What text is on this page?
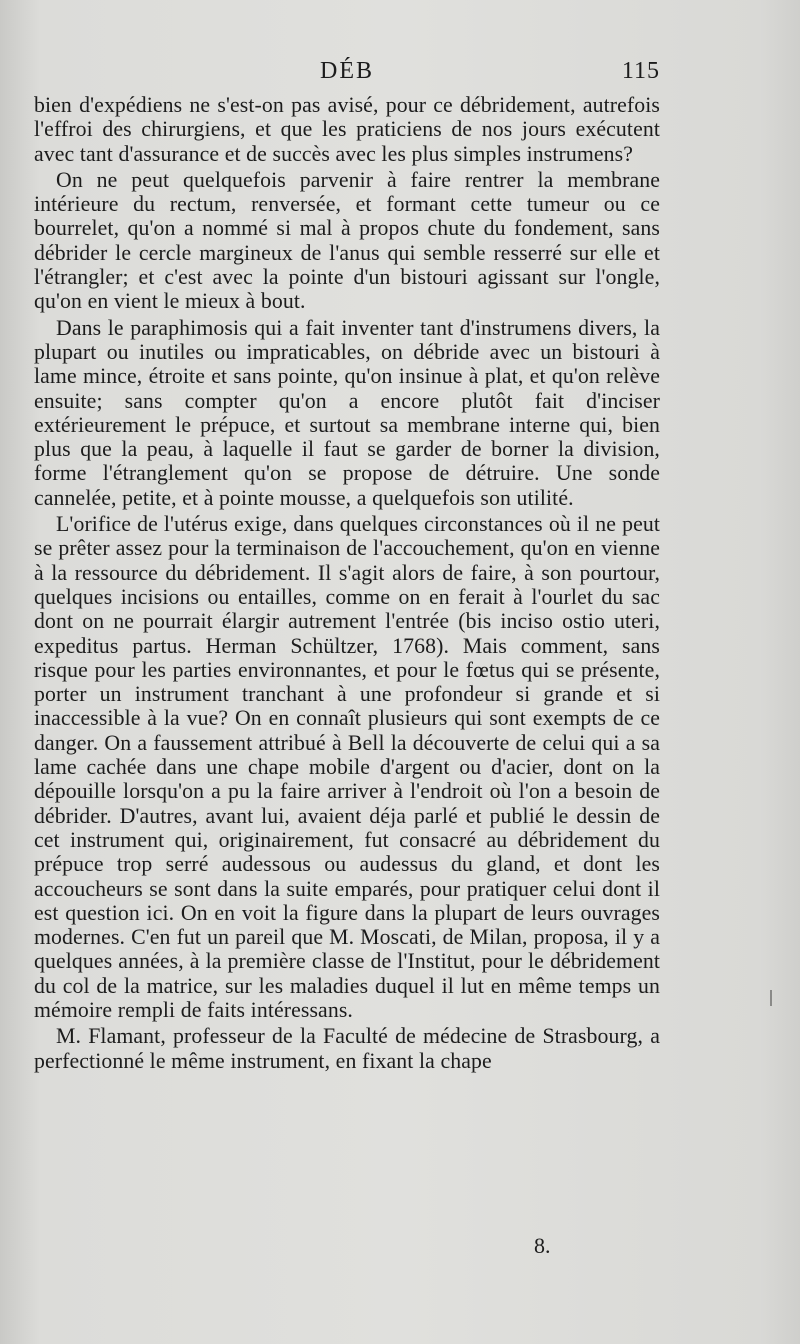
DÉB	115

bien d'expédiens ne s'est-on pas avisé, pour ce débridement, autrefois l'effroi des chirurgiens, et que les praticiens de nos jours exécutent avec tant d'assurance et de succès avec les plus simples instrumens?

On ne peut quelquefois parvenir à faire rentrer la membrane intérieure du rectum, renversée, et formant cette tumeur ou ce bourrelet, qu'on a nommé si mal à propos chute du fondement, sans débrider le cercle margineux de l'anus qui semble resserré sur elle et l'étrangler; et c'est avec la pointe d'un bistouri agissant sur l'ongle, qu'on en vient le mieux à bout.

Dans le paraphimosis qui a fait inventer tant d'instrumens divers, la plupart ou inutiles ou impraticables, on débride avec un bistouri à lame mince, étroite et sans pointe, qu'on insinue à plat, et qu'on relève ensuite; sans compter qu'on a encore plutôt fait d'inciser extérieurement le prépuce, et surtout sa membrane interne qui, bien plus que la peau, à laquelle il faut se garder de borner la division, forme l'étranglement qu'on se propose de détruire. Une sonde cannelée, petite, et à pointe mousse, a quelquefois son utilité.

L'orifice de l'utérus exige, dans quelques circonstances où il ne peut se prêter assez pour la terminaison de l'accouchement, qu'on en vienne à la ressource du débridement. Il s'agit alors de faire, à son pourtour, quelques incisions ou entailles, comme on en ferait à l'ourlet du sac dont on ne pourrait élargir autrement l'entrée (bis inciso ostio uteri, expeditus partus. Herman Schültzer, 1768). Mais comment, sans risque pour les parties environnantes, et pour le fœtus qui se présente, porter un instrument tranchant à une profondeur si grande et si inaccessible à la vue? On en connaît plusieurs qui sont exempts de ce danger. On a faussement attribué à Bell la découverte de celui qui a sa lame cachée dans une chape mobile d'argent ou d'acier, dont on la dépouille lorsqu'on a pu la faire arriver à l'endroit où l'on a besoin de débrider. D'autres, avant lui, avaient déja parlé et publié le dessin de cet instrument qui, originairement, fut consacré au débridement du prépuce trop serré audessous ou audessus du gland, et dont les accoucheurs se sont dans la suite emparés, pour pratiquer celui dont il est question ici. On en voit la figure dans la plupart de leurs ouvrages modernes. C'en fut un pareil que M. Moscati, de Milan, proposa, il y a quelques années, à la première classe de l'Institut, pour le débridement du col de la matrice, sur les maladies duquel il lut en même temps un mémoire rempli de faits intéressans.

M. Flamant, professeur de la Faculté de médecine de Strasbourg, a perfectionné le même instrument, en fixant la chape

8.
